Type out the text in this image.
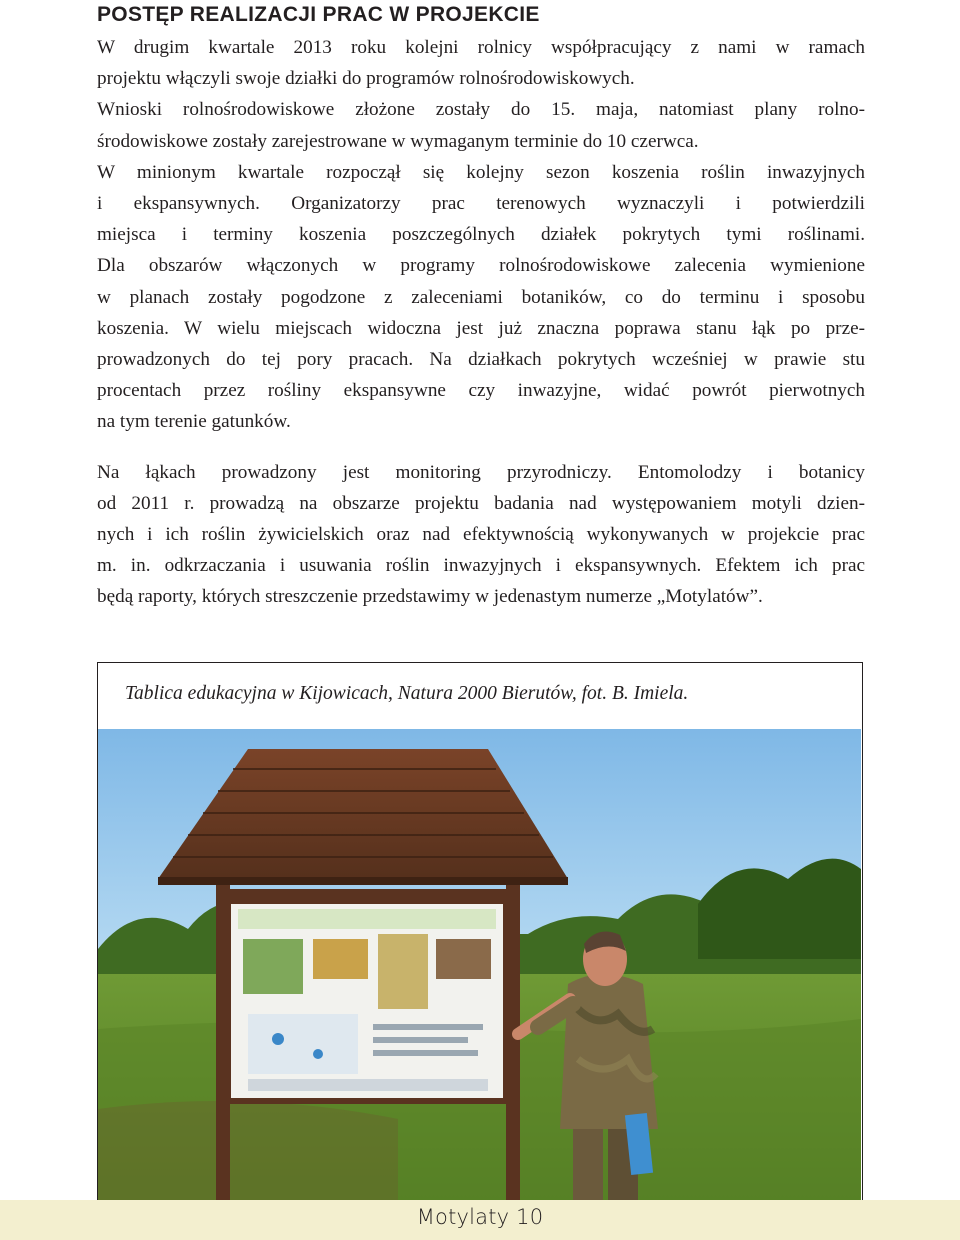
POSTĘP REALIZACJI PRAC W PROJEKCIE
W drugim kwartale 2013 roku kolejni rolnicy współpracujący z nami w ramach
projektu włączyli swoje działki do programów rolnośrodowiskowych.
Wnioski rolnośrodowiskowe złożone zostały do 15. maja, natomiast plany rolno-
środowiskowe zostały zarejestrowane w wymaganym terminie do 10 czerwca.
W minionym kwartale rozpoczął się kolejny sezon koszenia roślin inwazyjnych
i ekspansywnych. Organizatorzy prac terenowych wyznaczyli i potwierdzili
miejsca i terminy koszenia poszczególnych działek pokrytych tymi roślinami.
Dla obszarów włączonych w programy rolnośrodowiskowe zalecenia wymienione
w planach zostały pogodzone z zaleceniami botaników, co do terminu i sposobu
koszenia. W wielu miejscach widoczna jest już znaczna poprawa stanu łąk po prze-
prowadzonych do tej pory pracach. Na działkach pokrytych wcześniej w prawie stu
procentach przez rośliny ekspansywne czy inwazyjne, widać powrót pierwotnych
na tym terenie gatunków.
Na łąkach prowadzony jest monitoring przyrodniczy. Entomolodzy i botanicy
od 2011 r. prowadzą na obszarze projektu badania nad występowaniem motyli dzien-
nych i ich roślin żywicielskich oraz nad efektywnością wykonywanych w projekcie prac
m. in. odkrzaczania i usuwania roślin inwazyjnych i ekspansywnych. Efektem ich prac
będą raporty, których streszczenie przedstawimy w jedenastym numerze „Motylatów”.
Tablica edukacyjna w Kijowicach, Natura 2000 Bierutów, fot. B. Imiela.
Motylaty 10
